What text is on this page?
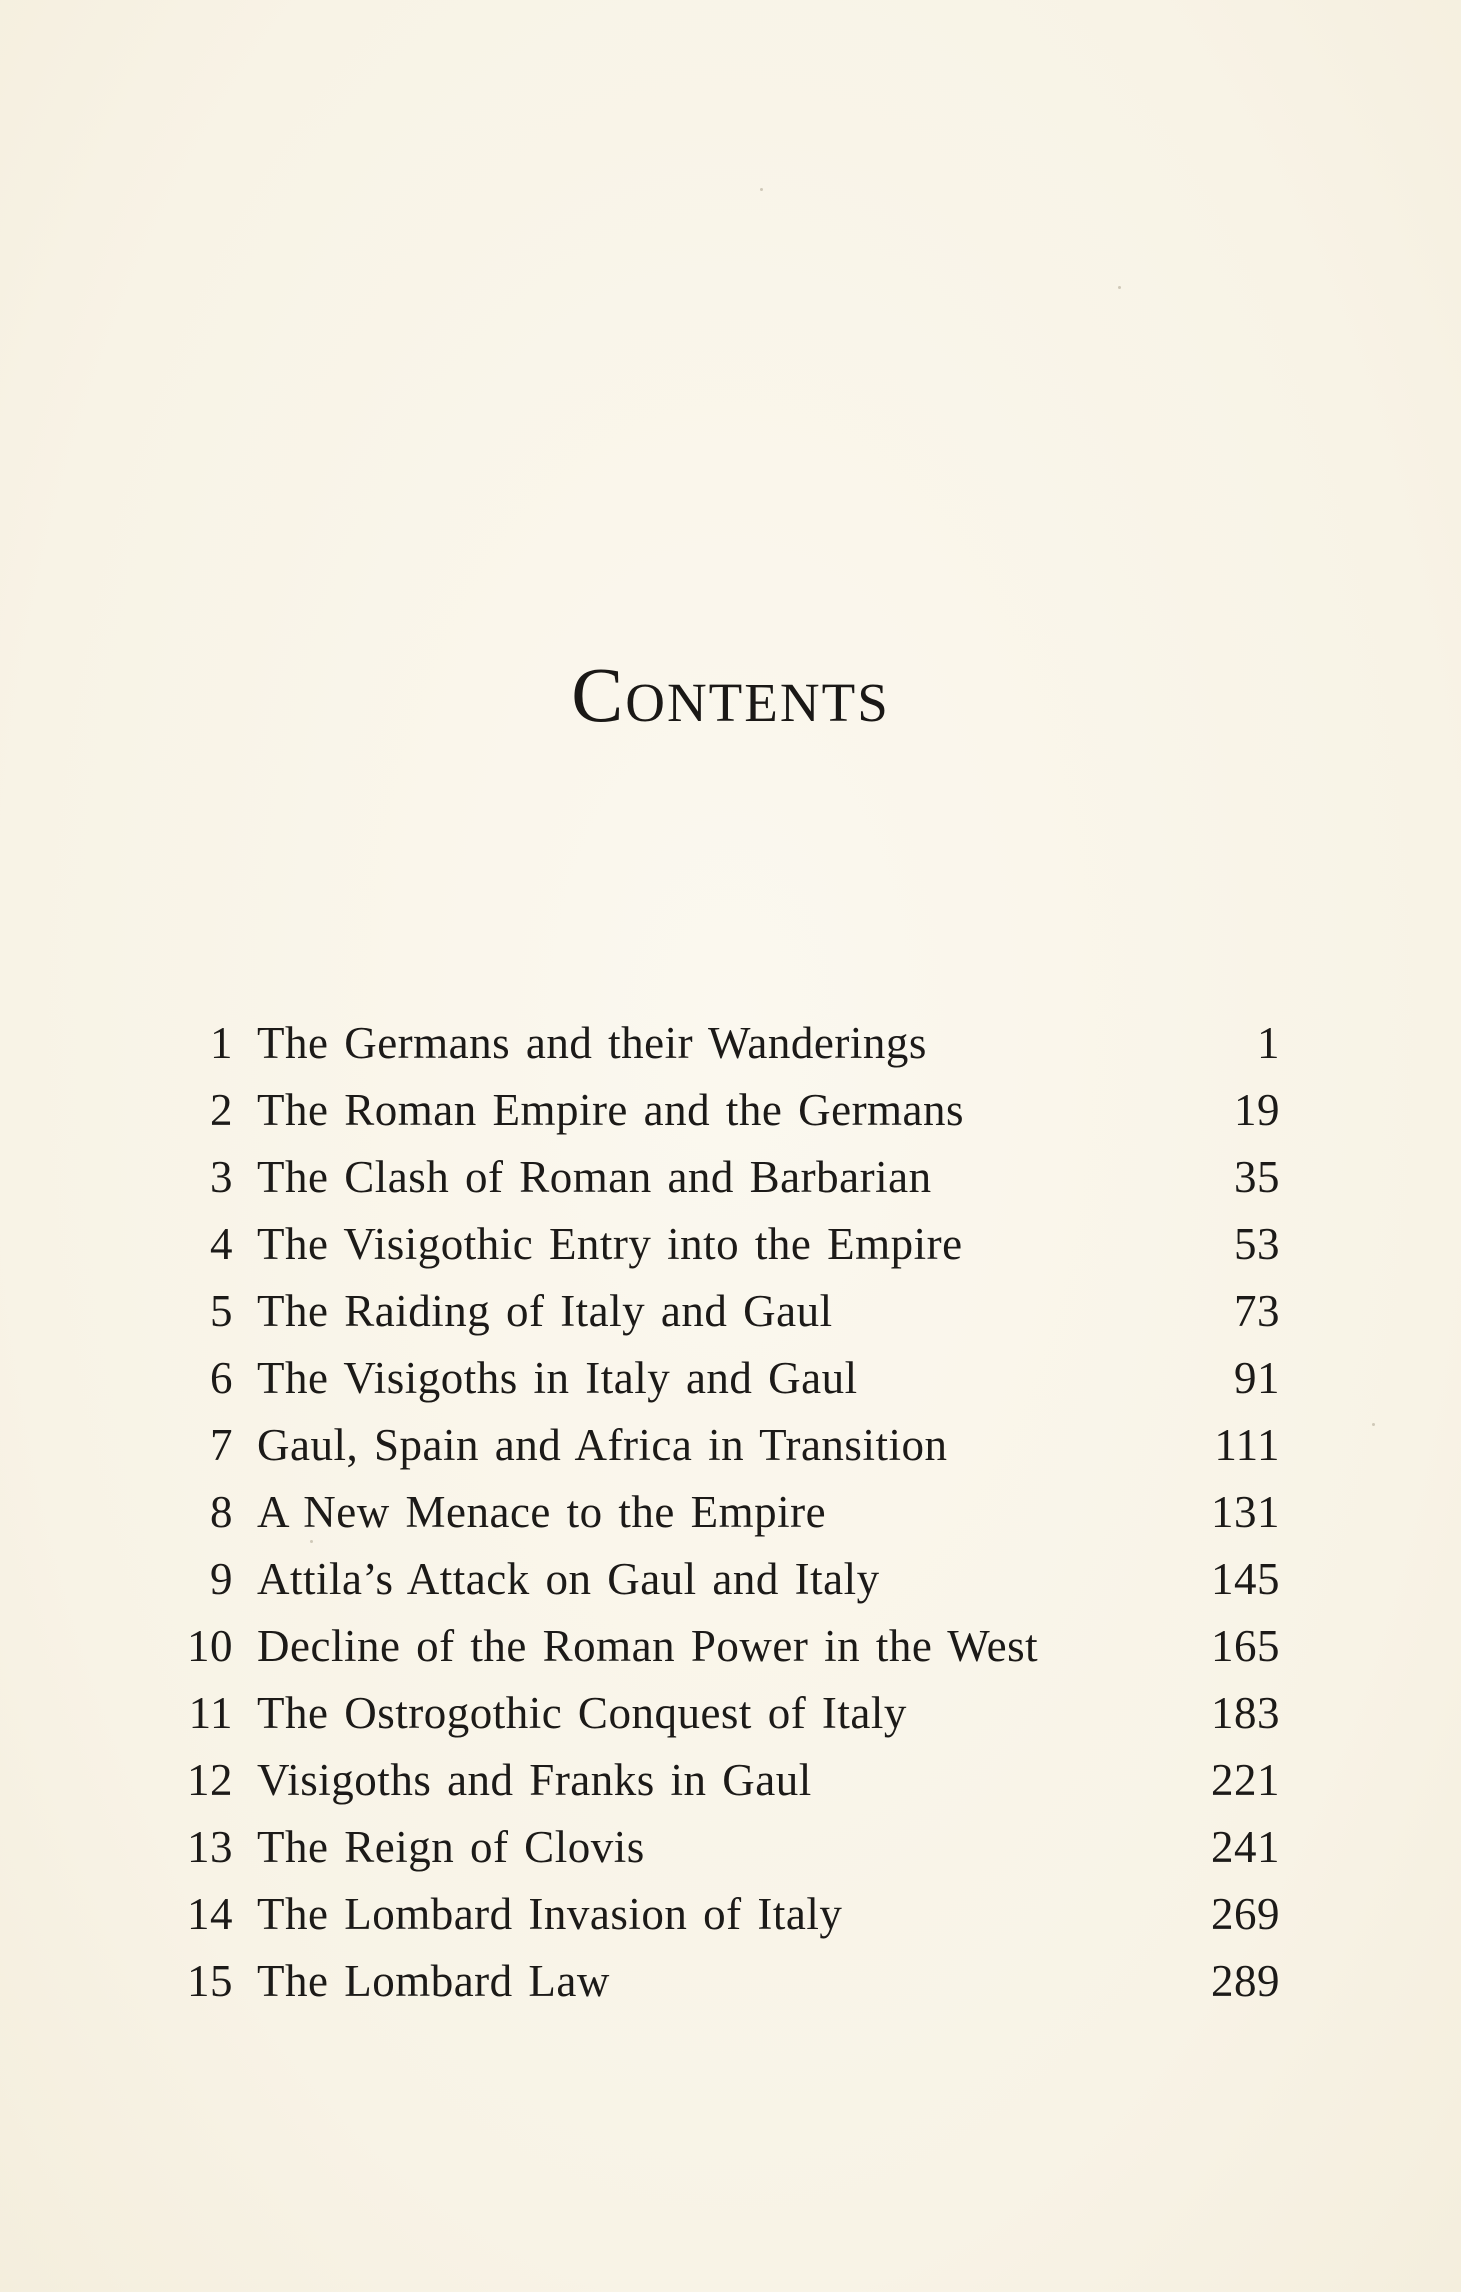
Contents
1 The Germans and their Wanderings	1
2 The Roman Empire and the Germans	19
3 The Clash of Roman and Barbarian	35
4 The Visigothic Entry into the Empire	53
5 The Raiding of Italy and Gaul	73
6 The Visigoths in Italy and Gaul	91
7 Gaul, Spain and Africa in Transition	111
8 A New Menace to the Empire	131
9 Attila’s Attack on Gaul and Italy	145
10 Decline of the Roman Power in the West	165
11 The Ostrogothic Conquest of Italy	183
12 Visigoths and Franks in Gaul	221
13 The Reign of Clovis	241
14 The Lombard Invasion of Italy	269
15 The Lombard Law	289
